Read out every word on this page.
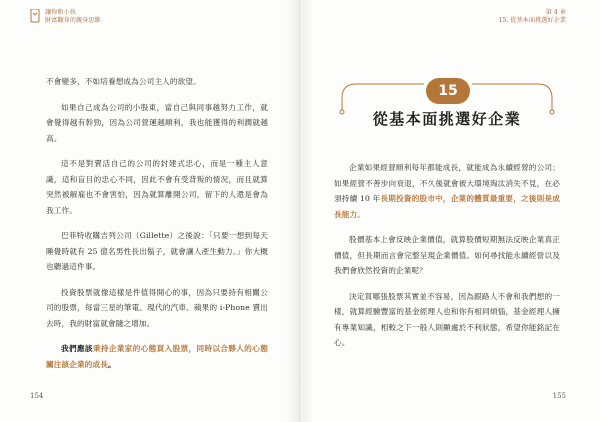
讓你和小孩
財富翻身的親身思維

不會變多，不如培養想成為公司主人的欲望。

如果自己成為公司的小股東，當自己與同事越努力工作，就會覺得越有幹勁，因為公司營運越順利，我也能獲得的利潤就越高。

這不是對賣活自己的公司的封建式忠心，而是一種主人意識，這和盲目的忠心不同，因此不會有受背叛的情況，而且就算突然被解雇也不會害怕，因為就算離開公司，留下的人還是會為我工作。

巴菲特收購吉列公司（Gillette）之後說：「只要一想到每天睡覺時就有 25 億名男性長出鬍子，就會讓人產生動力。」你大概也聽過這件事。

投資股票就像這樣是件值得開心的事，因為只要持有相關公司的股票，每當三星的筆電、現代的汽車、蘋果的 i-Phone 賣出去時，我的財富就會隨之增加。

我們應該秉持企業家的心態買入股票，同時以合夥人的心態關注該企業的成長。

154
第 4 章
15. 從基本面挑選好企業
15
從基本面挑選好企業

企業如果經營順利每年都能成長，就能成為永續經營的公司；如果經營不善步向衰退，不久後就會被大環境淘汰消失不見，在必須持續 10 年長期投資的股市中，企業的體質最重要，之後則是成長能力。

股價基本上會反映企業價值，就算股價短期無法反映企業真正價值，但長期而言會完整呈現企業價值。如何尋找能永續經營以及我們會欣然投資的企業呢？

決定買哪張股票其實並不容易，因為跟路人不會和我們想的一樣，就算經驗豐富的基金經理人也和你有相同煩惱，基金經理人擁有專業知識，相較之下一般人則顯處於不利狀態，希望你能銘記在心。

155
